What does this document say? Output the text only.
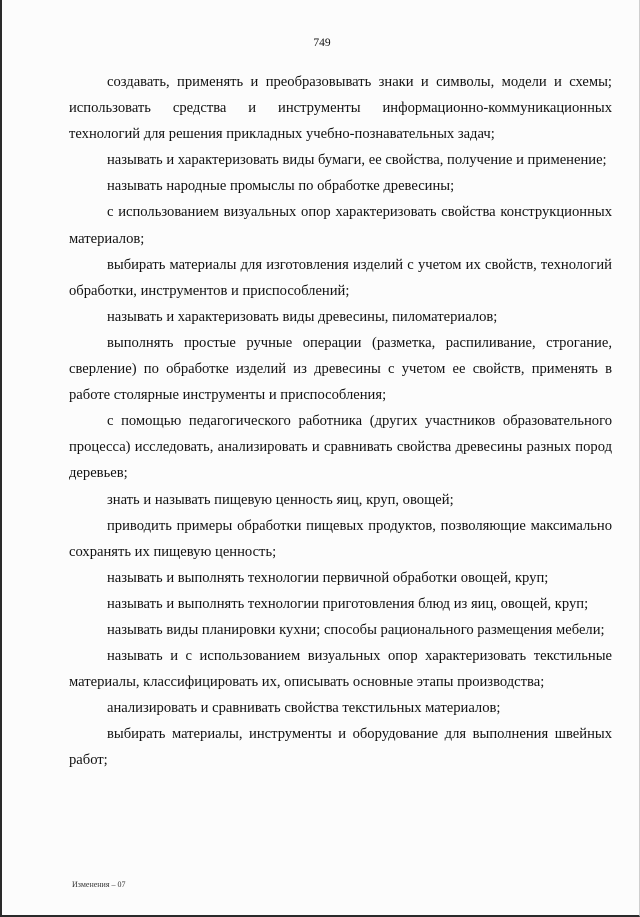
749

создавать, применять и преобразовывать знаки и символы, модели и схемы; использовать средства и инструменты информационно-коммуникационных технологий для решения прикладных учебно-познавательных задач;

называть и характеризовать виды бумаги, ее свойства, получение и применение;

называть народные промыслы по обработке древесины;

с использованием визуальных опор характеризовать свойства конструкционных материалов;

выбирать материалы для изготовления изделий с учетом их свойств, технологий обработки, инструментов и приспособлений;

называть и характеризовать виды древесины, пиломатериалов;

выполнять простые ручные операции (разметка, распиливание, строгание, сверление) по обработке изделий из древесины с учетом ее свойств, применять в работе столярные инструменты и приспособления;

с помощью педагогического работника (других участников образовательного процесса) исследовать, анализировать и сравнивать свойства древесины разных пород деревьев;

знать и называть пищевую ценность яиц, круп, овощей;

приводить примеры обработки пищевых продуктов, позволяющие максимально сохранять их пищевую ценность;

называть и выполнять технологии первичной обработки овощей, круп;

называть и выполнять технологии приготовления блюд из яиц, овощей, круп;

называть виды планировки кухни; способы рационального размещения мебели;

называть и с использованием визуальных опор характеризовать текстильные материалы, классифицировать их, описывать основные этапы производства;

анализировать и сравнивать свойства текстильных материалов;

выбирать материалы, инструменты и оборудование для выполнения швейных работ;

Изменения – 07
